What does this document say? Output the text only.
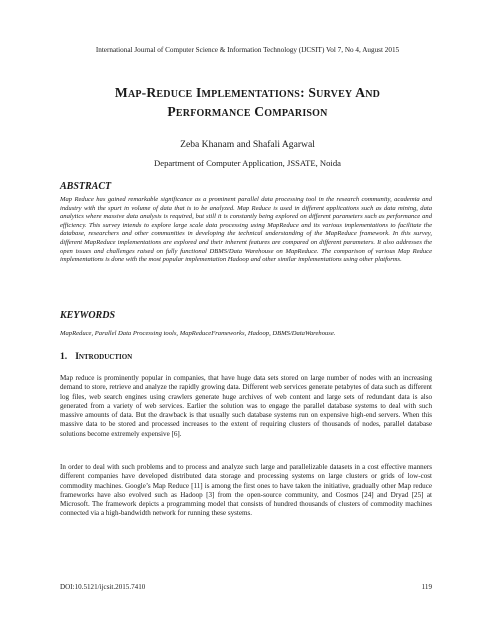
International Journal of Computer Science & Information Technology (IJCSIT) Vol 7, No 4, August 2015
Map-Reduce Implementations: Survey And
Performance Comparison
Zeba Khanam and Shafali Agarwal
Department of Computer Application, JSSATE, Noida
ABSTRACT
Map Reduce has gained remarkable significance as a prominent parallel data processing tool in the research community, academia and industry with the spurt in volume of data that is to be analyzed. Map Reduce is used in different applications such as data mining, data analytics where massive data analysis is required, but still it is constantly being explored on different parameters such as performance and efficiency. This survey intends to explore large scale data processing using MapReduce and its various implementations to facilitate the database, researchers and other communities in developing the technical understanding of the MapReduce framework. In this survey, different MapReduce implementations are explored and their inherent features are compared on different parameters. It also addresses the open issues and challenges raised on fully functional DBMS/Data Warehouse on MapReduce. The comparison of various Map Reduce implementations is done with the most popular implementation Hadoop and other similar implementations using other platforms.
KEYWORDS
MapReduce, Parallel Data Processing tools, MapReduceFrameworks, Hadoop, DBMS/DataWarehouse.
1. Introduction
Map reduce is prominently popular in companies, that have huge data sets stored on large number of nodes with an increasing demand to store, retrieve and analyze the rapidly growing data. Different web services generate petabytes of data such as different log files, web search engines using crawlers generate huge archives of web content and large sets of redundant data is also generated from a variety of web services. Earlier the solution was to engage the parallel database systems to deal with such massive amounts of data. But the drawback is that usually such database systems run on expensive high-end servers. When this massive data to be stored and processed increases to the extent of requiring clusters of thousands of nodes, parallel database solutions become extremely expensive [6].
In order to deal with such problems and to process and analyze such large and parallelizable datasets in a cost effective manners different companies have developed distributed data storage and processing systems on large clusters or grids of low-cost commodity machines. Google’s Map Reduce [11] is among the first ones to have taken the initiative, gradually other Map reduce frameworks have also evolved such as Hadoop [3] from the open-source community, and Cosmos [24] and Dryad [25] at Microsoft. The framework depicts a programming model that consists of hundred thousands of clusters of commodity machines connected via a high-bandwidth network for running these systems.
DOI:10.5121/ijcsit.2015.7410	119
